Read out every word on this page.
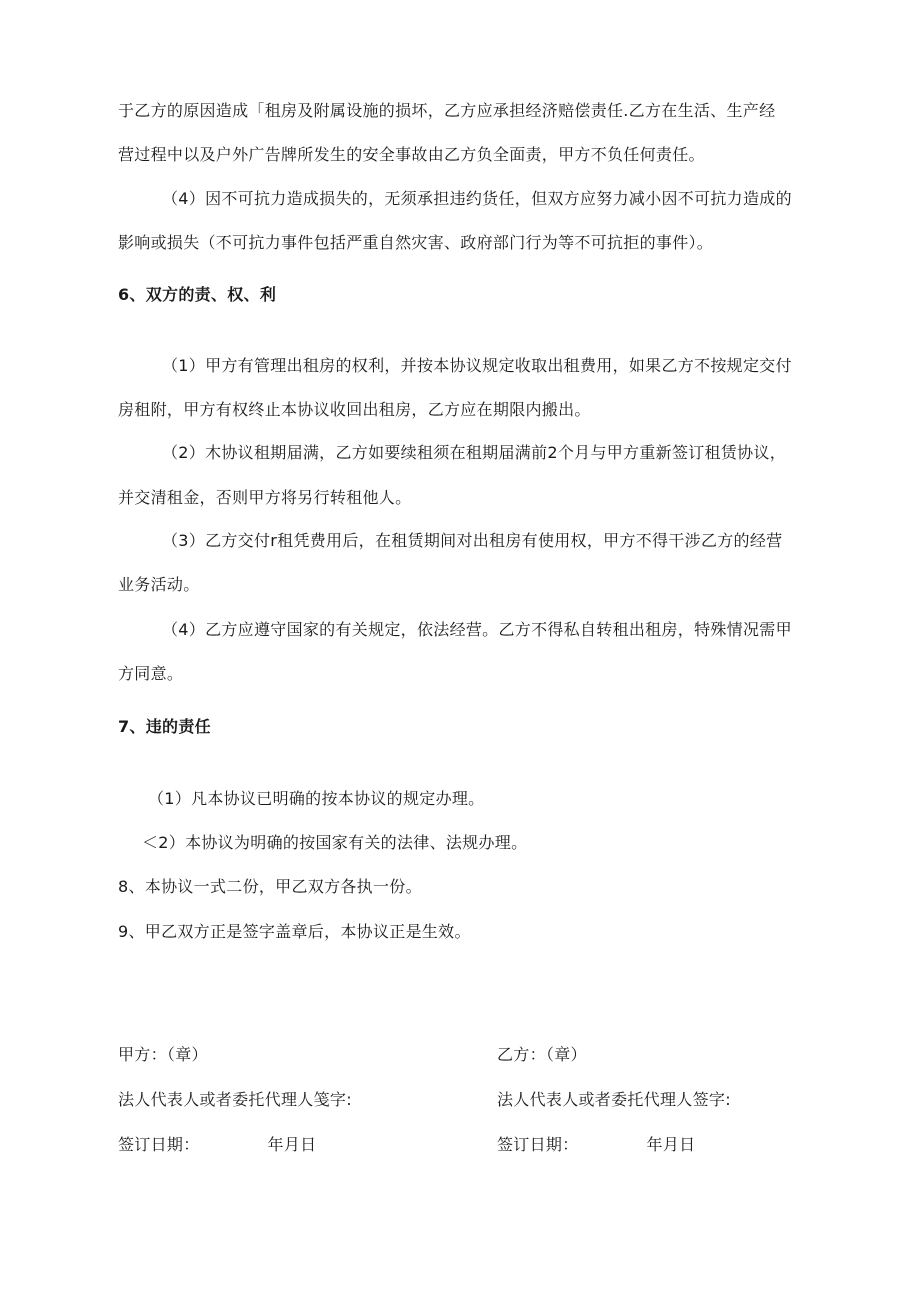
于乙方的原因造成「租房及附属设施的损坏，乙方应承担经济赔偿责任.乙方在生活、生产经
营过程中以及户外广告牌所发生的安全事故由乙方负全面责，甲方不负任何责任。
（4）因不可抗力造成损失的，无须承担违约货任，但双方应努力减小因不可抗力造成的
影响或损失（不可抗力事件包括严重自然灾害、政府部门行为等不可抗拒的事件）。
6、双方的责、权、利
（1）甲方有管理出租房的权利，并按本协议规定收取出租费用，如果乙方不按规定交付
房租附，甲方有权终止本协议收回出租房，乙方应在期限内搬出。
（2）木协议租期届满，乙方如要续租须在租期届满前2个月与甲方重新签订租赁协议，
并交清租金，否则甲方将另行转租他人。
（3）乙方交付r租凭费用后，在租赁期间对出租房有使用权，甲方不得干涉乙方的经营
业务活动。
（4）乙方应遵守国家的有关规定，依法经营。乙方不得私自转租出租房，特殊情况需甲
方同意。
7、违的责任
（1）凡本协议已明确的按本协议的规定办理。
＜2）本协议为明确的按国家有关的法律、法规办理。
8、本协议一式二份，甲乙双方各执一份。
9、甲乙双方正是签字盖章后，本协议正是生效。
甲方：（章）
法人代表人或者委托代理人笺字:
签订日期：	年月日
乙方：（章）
法人代表人或者委托代理人签字:
签订日期：	年月日
